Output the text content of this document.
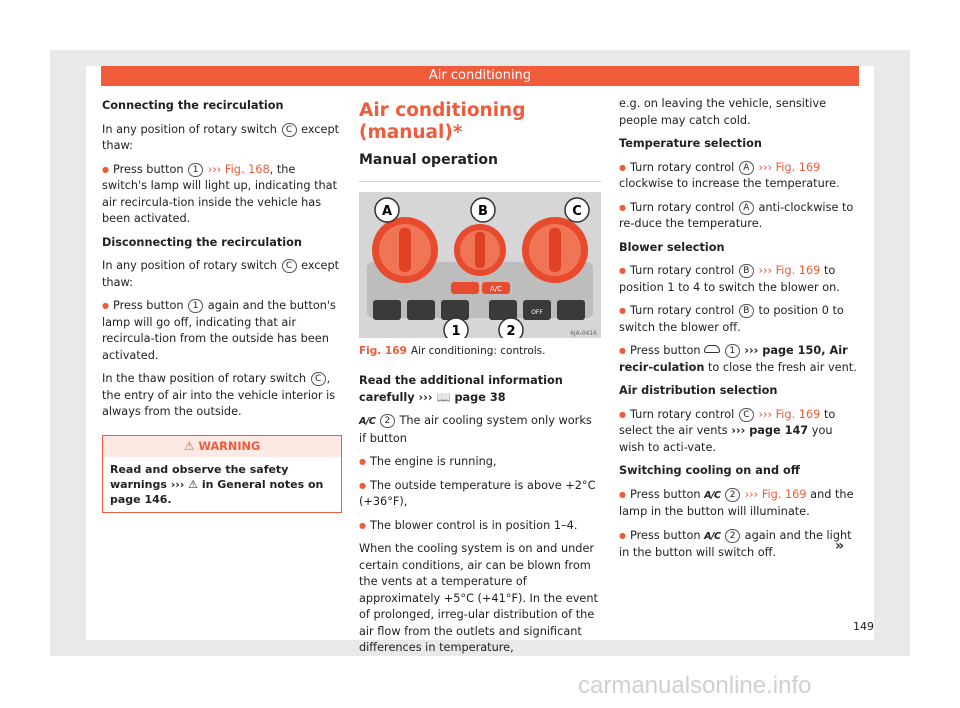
Air conditioning

Connecting the recirculation

In any position of rotary switch C except thaw:

● Press button 1 ››› Fig. 168, the switch's lamp will light up, indicating that air recircula-tion inside the vehicle has been activated.

Disconnecting the recirculation

In any position of rotary switch C except thaw:

● Press button 1 again and the button's lamp will go off, indicating that air recircula-tion from the outside has been activated.

In the thaw position of rotary switch C , the entry of air into the vehicle interior is always from the outside.

⚠ WARNING
Read and observe the safety warnings ››› ⚠ in General notes on page 146.
Air conditioning (manual)*
Manual operation
A/C
OFF
A	B	C
1	2	6JA-0416
Fig. 169 Air conditioning: controls.

Read the additional information carefully ››› 📖 page 38

A/C 2 The air cooling system only works if button

● The engine is running,

● The outside temperature is above +2°C (+36°F),

● The blower control is in position 1–4.

When the cooling system is on and under certain conditions, air can be blown from the vents at a temperature of approximately +5°C (+41°F). In the event of prolonged, irreg-ular distribution of the air flow from the outlets and significant differences in temperature,

e.g. on leaving the vehicle, sensitive people may catch cold.

Temperature selection

● Turn rotary control A ››› Fig. 169 clockwise to increase the temperature.

● Turn rotary control A anti-clockwise to re-duce the temperature.

Blower selection

● Turn rotary control B ››› Fig. 169 to position 1 to 4 to switch the blower on.

● Turn rotary control B to position 0 to switch the blower off.

● Press button	1 ››› page 150, Air recir-culation to close the fresh air vent.

Air distribution selection

● Turn rotary control C ››› Fig. 169 to select the air vents ››› page 147 you wish to acti-vate.

Switching cooling on and off

● Press button A/C 2 ››› Fig. 169 and the lamp in the button will illuminate.

● Press button A/C 2 again and the light in the button will switch off.	»
149
carmanualsonline.info
